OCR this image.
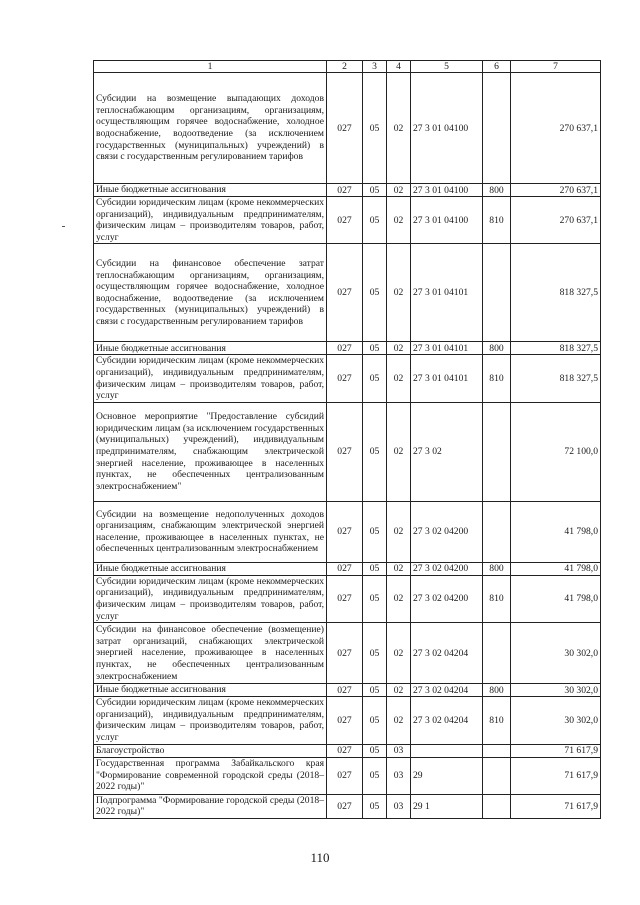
1	2	3	4	5	6	7
Субсидии на возмещение выпадающих доходов теплоснабжающим организациям, организациям, осуществляющим горячее водоснабжение, холодное водоснабжение, водоотведение (за исключением государственных (муниципальных) учреждений) в связи с государственным регулированием тарифов	027	05	02	27 3 01 04100		270 637,1
Иные бюджетные ассигнования	027	05	02	27 3 01 04100	800	270 637,1
Субсидии юридическим лицам (кроме некоммерческих организаций), индивидуальным предпринимателям, физическим лицам – производителям товаров, работ, услуг	027	05	02	27 3 01 04100	810	270 637,1
Субсидии на финансовое обеспечение затрат теплоснабжающим организациям, организациям, осуществляющим горячее водоснабжение, холодное водоснабжение, водоотведение (за исключением государственных (муниципальных) учреждений) в связи с государственным регулированием тарифов	027	05	02	27 3 01 04101		818 327,5
Иные бюджетные ассигнования	027	05	02	27 3 01 04101	800	818 327,5
Субсидии юридическим лицам (кроме некоммерческих организаций), индивидуальным предпринимателям, физическим лицам – производителям товаров, работ, услуг	027	05	02	27 3 01 04101	810	818 327,5
Основное мероприятие "Предоставление субсидий юридическим лицам (за исключением государственных (муниципальных) учреждений), индивидуальным предпринимателям, снабжающим электрической энергией население, проживающее в населенных пунктах, не обеспеченных централизованным электроснабжением"	027	05	02	27 3 02		72 100,0
Субсидии на возмещение недополученных доходов организациям, снабжающим электрической энергией население, проживающее в населенных пунктах, не обеспеченных централизованным электроснабжением	027	05	02	27 3 02 04200		41 798,0
Иные бюджетные ассигнования	027	05	02	27 3 02 04200	800	41 798,0
Субсидии юридическим лицам (кроме некоммерческих организаций), индивидуальным предпринимателям, физическим лицам – производителям товаров, работ, услуг	027	05	02	27 3 02 04200	810	41 798,0
Субсидии на финансовое обеспечение (возмещение) затрат организаций, снабжающих электрической энергией население, проживающее в населенных пунктах, не обеспеченных централизованным электроснабжением	027	05	02	27 3 02 04204		30 302,0
Иные бюджетные ассигнования	027	05	02	27 3 02 04204	800	30 302,0
Субсидии юридическим лицам (кроме некоммерческих организаций), индивидуальным предпринимателям, физическим лицам – производителям товаров, работ, услуг	027	05	02	27 3 02 04204	810	30 302,0
Благоустройство	027	05	03			71 617,9
Государственная программа Забайкальского края "Формирование современной городской среды (2018–2022 годы)"	027	05	03	29		71 617,9
Подпрограмма "Формирование городской среды (2018–2022 годы)"	027	05	03	29 1		71 617,9
110
